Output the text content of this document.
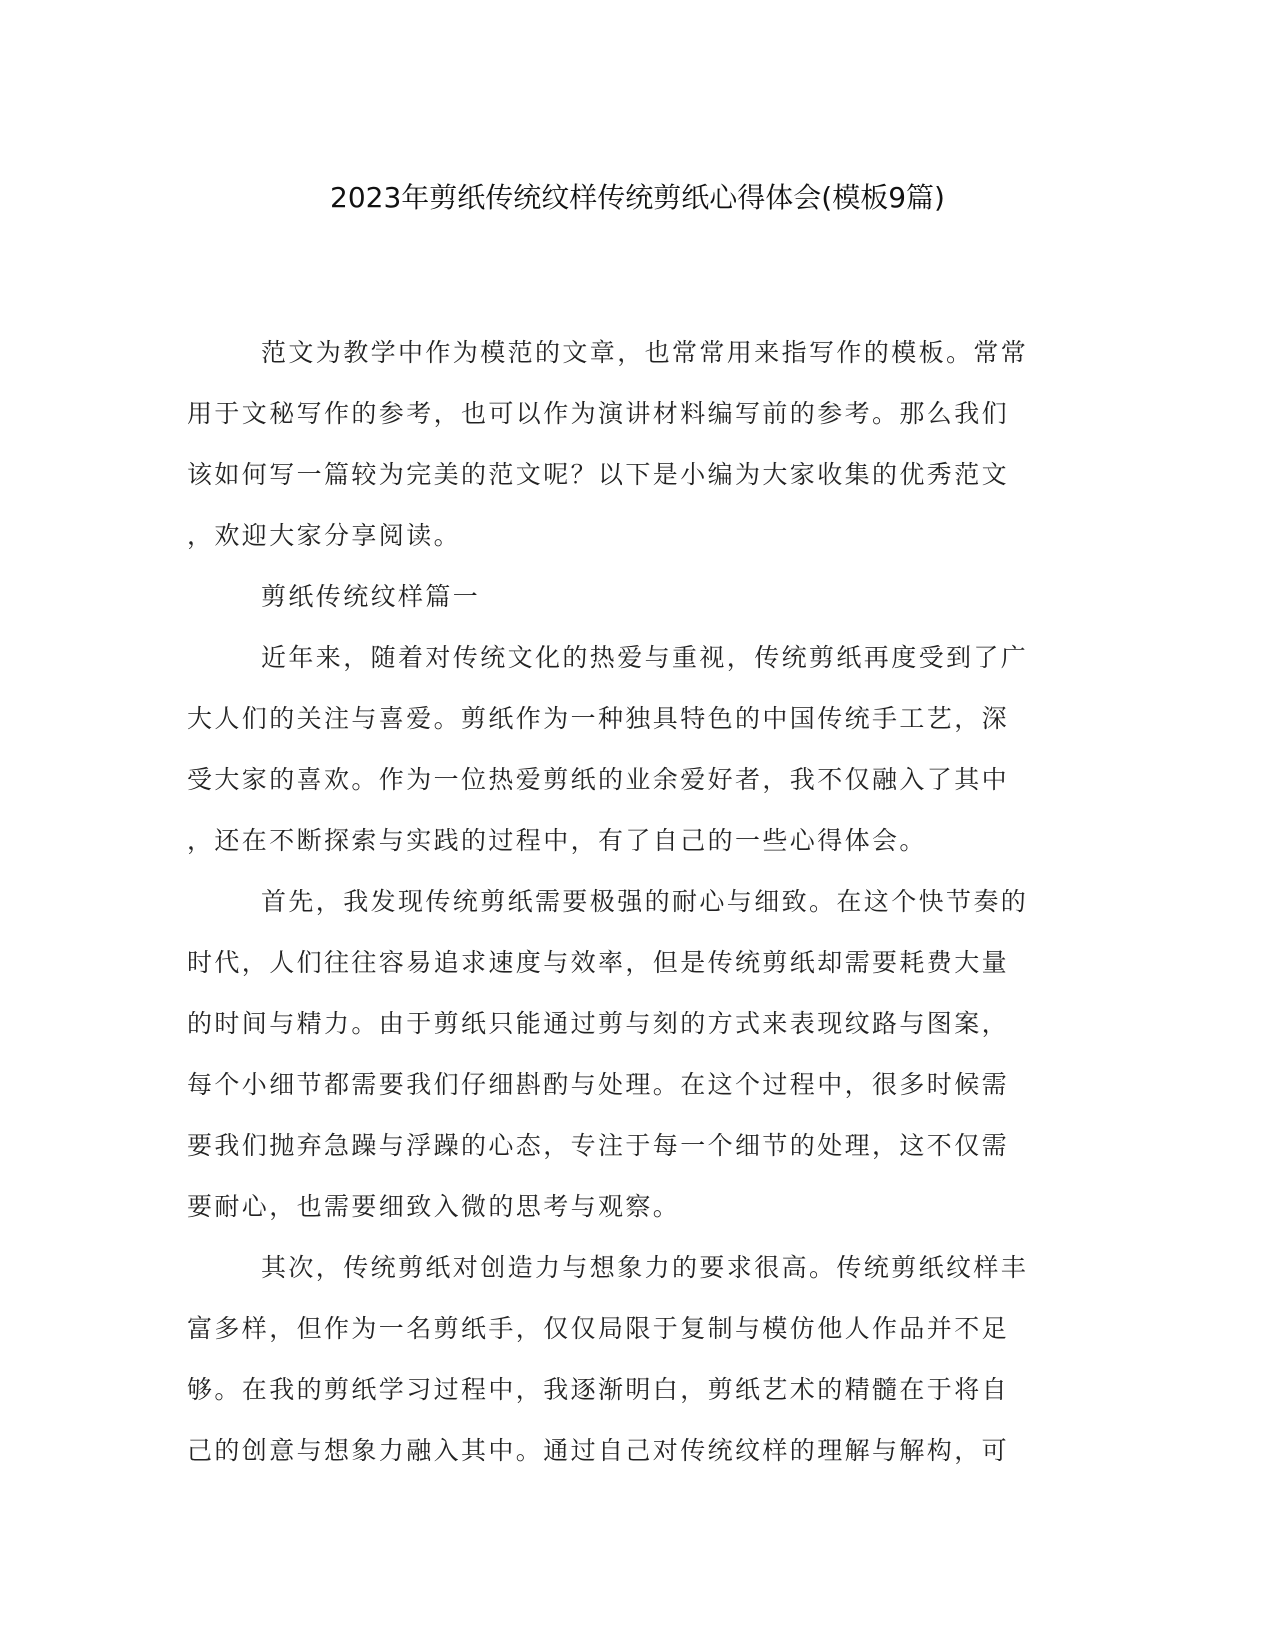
2023年剪纸传统纹样传统剪纸心得体会(模板9篇)
范文为教学中作为模范的文章，也常常用来指写作的模板。常常
用于文秘写作的参考，也可以作为演讲材料编写前的参考。那么我们
该如何写一篇较为完美的范文呢？以下是小编为大家收集的优秀范文
，欢迎大家分享阅读。
剪纸传统纹样篇一
近年来，随着对传统文化的热爱与重视，传统剪纸再度受到了广
大人们的关注与喜爱。剪纸作为一种独具特色的中国传统手工艺，深
受大家的喜欢。作为一位热爱剪纸的业余爱好者，我不仅融入了其中
，还在不断探索与实践的过程中，有了自己的一些心得体会。
首先，我发现传统剪纸需要极强的耐心与细致。在这个快节奏的
时代，人们往往容易追求速度与效率，但是传统剪纸却需要耗费大量
的时间与精力。由于剪纸只能通过剪与刻的方式来表现纹路与图案，
每个小细节都需要我们仔细斟酌与处理。在这个过程中，很多时候需
要我们抛弃急躁与浮躁的心态，专注于每一个细节的处理，这不仅需
要耐心，也需要细致入微的思考与观察。
其次，传统剪纸对创造力与想象力的要求很高。传统剪纸纹样丰
富多样，但作为一名剪纸手，仅仅局限于复制与模仿他人作品并不足
够。在我的剪纸学习过程中，我逐渐明白，剪纸艺术的精髓在于将自
己的创意与想象力融入其中。通过自己对传统纹样的理解与解构，可
